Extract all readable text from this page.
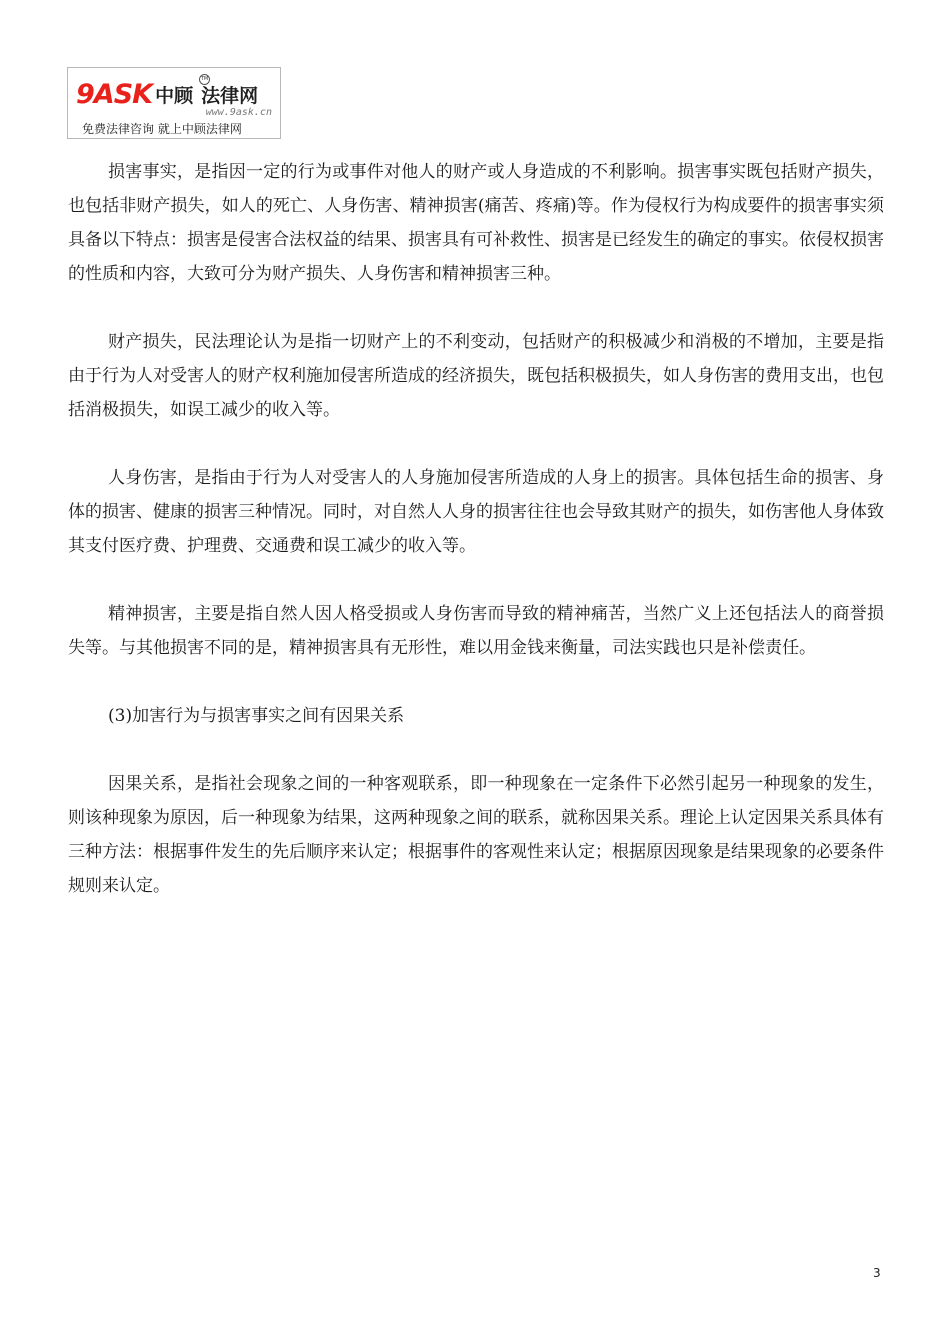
9ASK 中顾 法律网
TM
www.9ask.cn
免费法律咨询 就上中顾法律网

损害事实，是指因一定的行为或事件对他人的财产或人身造成的不利影响。损害事实既包括财产损失，也包括非财产损失，如人的死亡、人身伤害、精神损害(痛苦、疼痛)等。作为侵权行为构成要件的损害事实须具备以下特点：损害是侵害合法权益的结果、损害具有可补救性、损害是已经发生的确定的事实。依侵权损害的性质和内容，大致可分为财产损失、人身伤害和精神损害三种。

财产损失，民法理论认为是指一切财产上的不利变动，包括财产的积极减少和消极的不增加，主要是指由于行为人对受害人的财产权利施加侵害所造成的经济损失，既包括积极损失，如人身伤害的费用支出，也包括消极损失，如误工减少的收入等。

人身伤害，是指由于行为人对受害人的人身施加侵害所造成的人身上的损害。具体包括生命的损害、身体的损害、健康的损害三种情况。同时，对自然人人身的损害往往也会导致其财产的损失，如伤害他人身体致其支付医疗费、护理费、交通费和误工减少的收入等。

精神损害，主要是指自然人因人格受损或人身伤害而导致的精神痛苦，当然广义上还包括法人的商誉损失等。与其他损害不同的是，精神损害具有无形性，难以用金钱来衡量，司法实践也只是补偿责任。

(3)加害行为与损害事实之间有因果关系

因果关系，是指社会现象之间的一种客观联系，即一种现象在一定条件下必然引起另一种现象的发生，则该种现象为原因，后一种现象为结果，这两种现象之间的联系，就称因果关系。理论上认定因果关系具体有三种方法：根据事件发生的先后顺序来认定；根据事件的客观性来认定；根据原因现象是结果现象的必要条件规则来认定。

3
